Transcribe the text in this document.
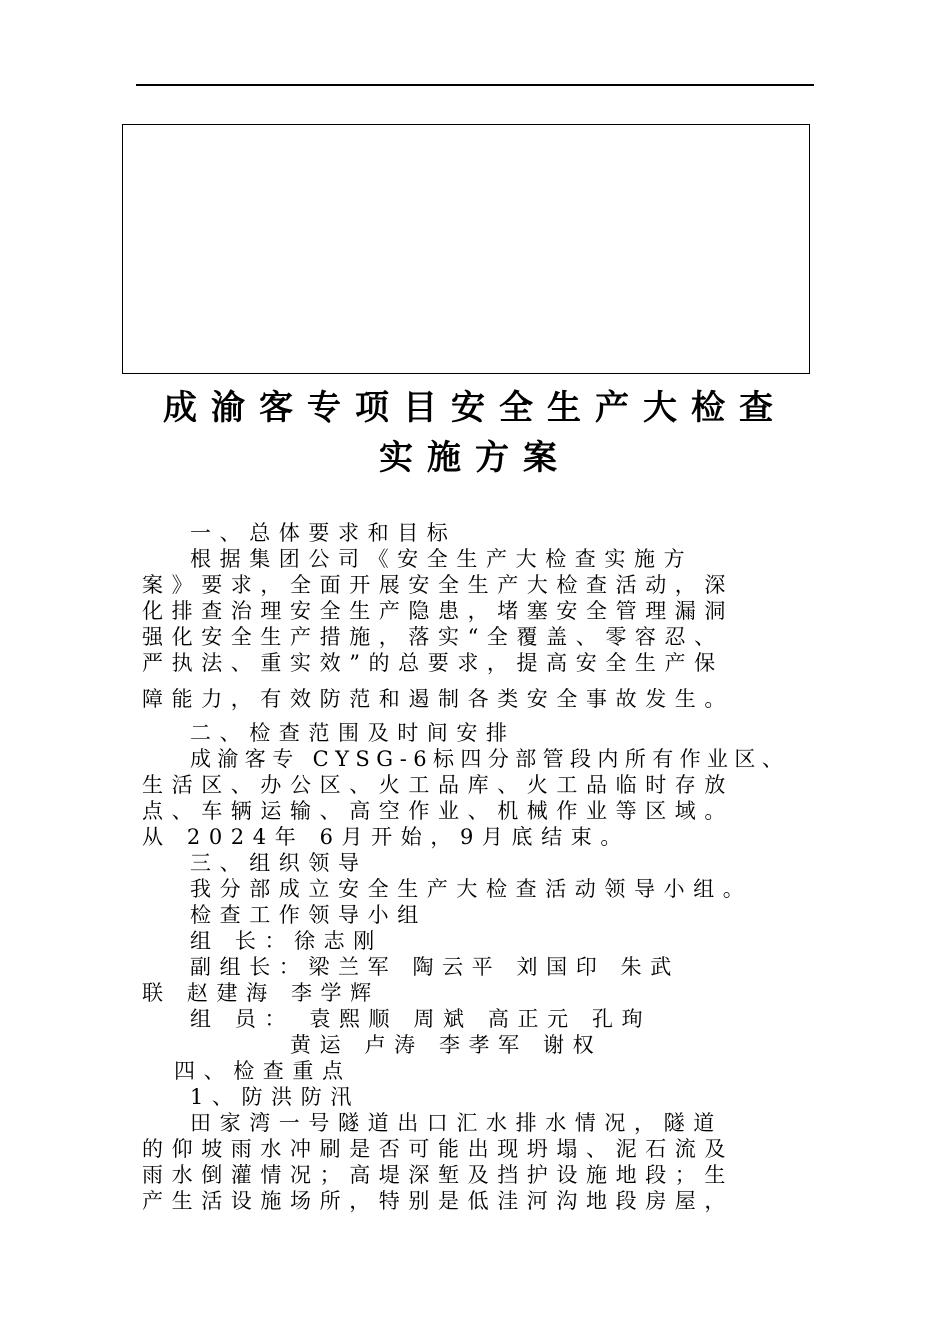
成渝客专项目安全生产大检查
实施方案
一、总体要求和目标
根据集团公司《安全生产大检查实施方
案》要求，全面开展安全生产大检查活动，深
化排查治理安全生产隐患，堵塞安全管理漏洞
强化安全生产措施，落实“全覆盖、零容忍、
严执法、重实效”的总要求，提高安全生产保
障能力，有效防范和遏制各类安全事故发生。
二、检查范围及时间安排
成渝客专 CYSG-6标四分部管段内所有作业区、
生活区、办公区、火工品库、火工品临时存放
点、车辆运输、高空作业、机械作业等区域。
从 2024年 6月开始，9月底结束。
三、组织领导
我分部成立安全生产大检查活动领导小组。
检查工作领导小组
组 长：徐志刚
副组长：梁兰军 陶云平 刘国印 朱武
联 赵建海 李学辉
组 员： 袁熙顺 周斌 高正元 孔珣
黄运 卢涛 李孝军 谢权
四、检查重点
1、防洪防汛
田家湾一号隧道出口汇水排水情况，隧道
的仰坡雨水冲刷是否可能出现坍塌、泥石流及
雨水倒灌情况；高堤深堑及挡护设施地段；生
产生活设施场所，特别是低洼河沟地段房屋，
